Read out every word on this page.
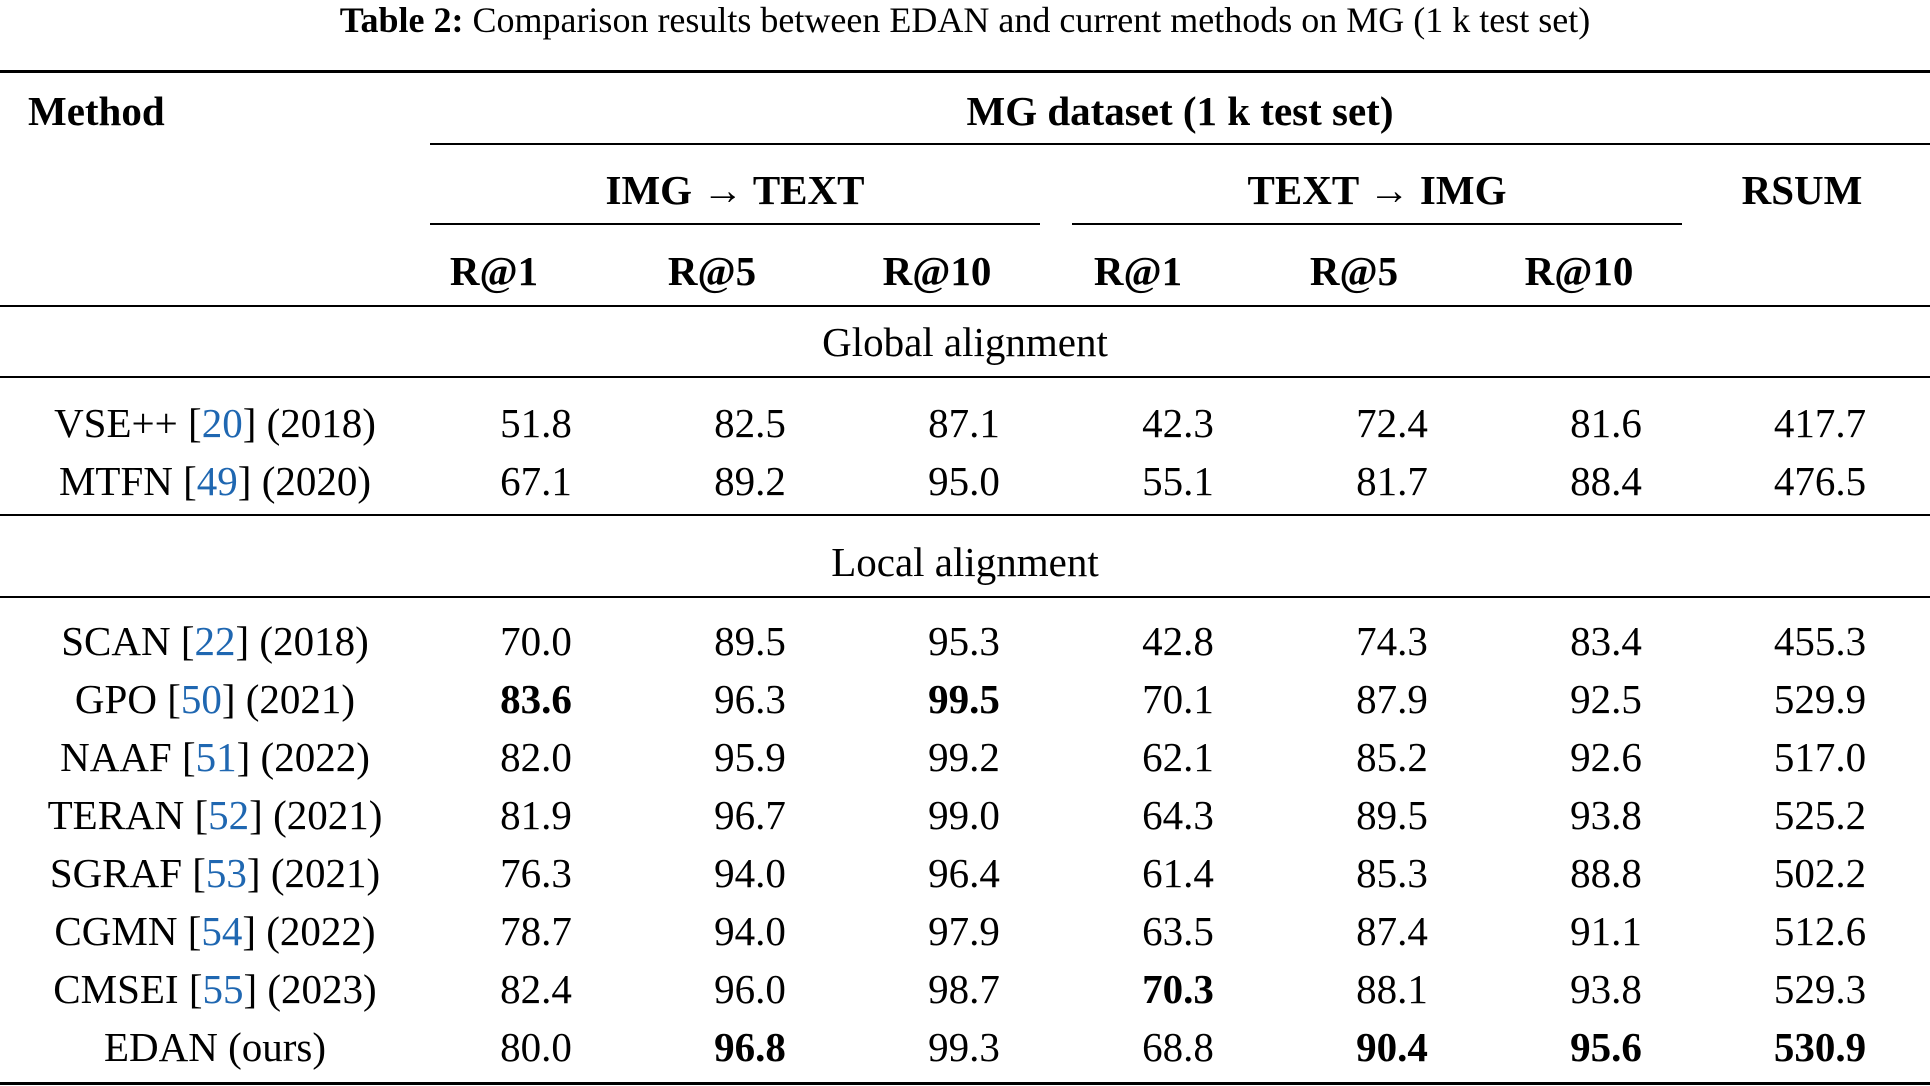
Table 2: Comparison results between EDAN and current methods on MG (1 k test set)
Method	MG dataset (1 k test set)
IMG → TEXT	TEXT → IMG	RSUM
R@1	R@5	R@10	R@1	R@5	R@10
Global alignment
VSE++ [20] (2018)	51.8	82.5	87.1	42.3	72.4	81.6	417.7
MTFN [49] (2020)	67.1	89.2	95.0	55.1	81.7	88.4	476.5
Local alignment
SCAN [22] (2018)	70.0	89.5	95.3	42.8	74.3	83.4	455.3
GPO [50] (2021)	83.6	96.3	99.5	70.1	87.9	92.5	529.9
NAAF [51] (2022)	82.0	95.9	99.2	62.1	85.2	92.6	517.0
TERAN [52] (2021)	81.9	96.7	99.0	64.3	89.5	93.8	525.2
SGRAF [53] (2021)	76.3	94.0	96.4	61.4	85.3	88.8	502.2
CGMN [54] (2022)	78.7	94.0	97.9	63.5	87.4	91.1	512.6
CMSEI [55] (2023)	82.4	96.0	98.7	70.3	88.1	93.8	529.3
EDAN (ours)	80.0	96.8	99.3	68.8	90.4	95.6	530.9
